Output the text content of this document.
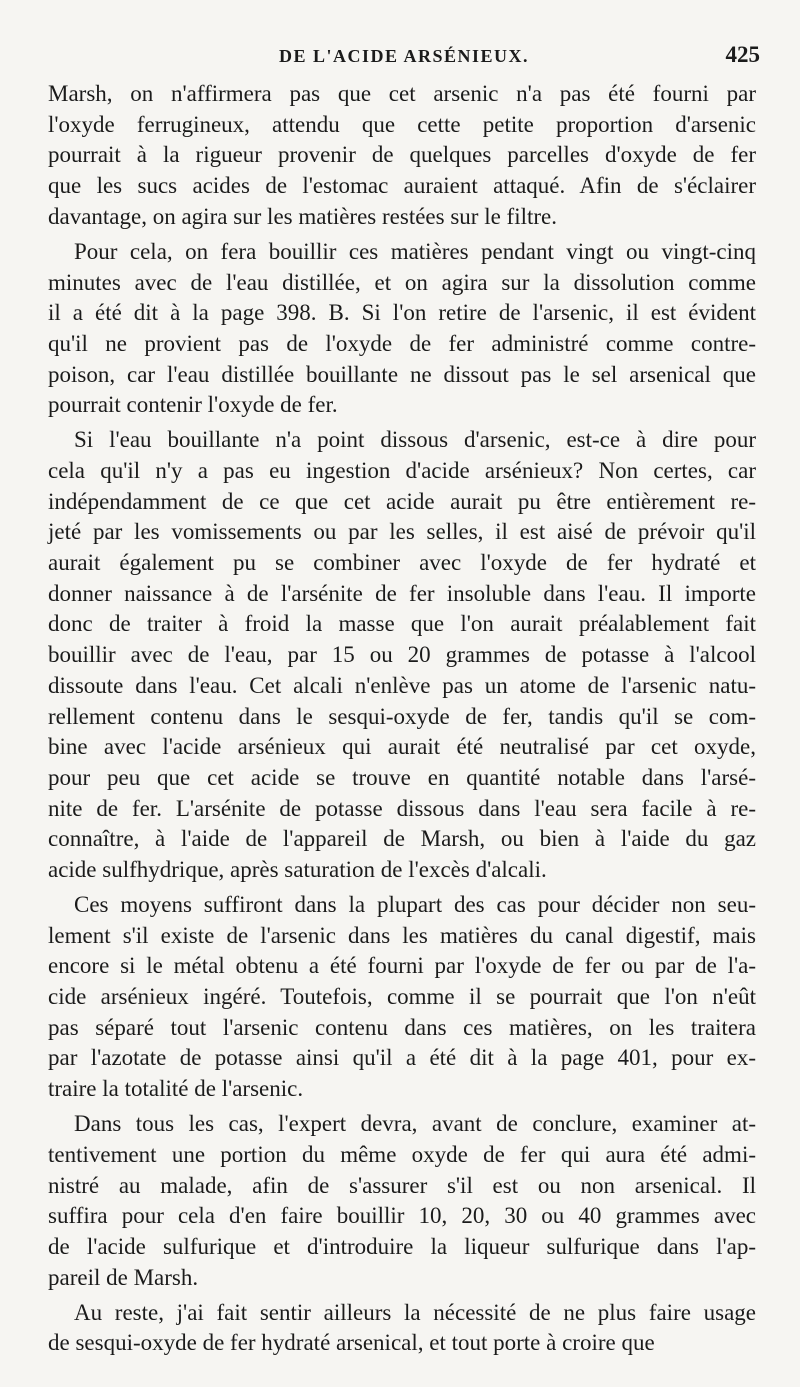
DE L'ACIDE ARSÉNIEUX.	425
Marsh, on n'affirmera pas que cet arsenic n'a pas été fourni par
l'oxyde ferrugineux, attendu que cette petite proportion d'arsenic
pourrait à la rigueur provenir de quelques parcelles d'oxyde de fer
que les sucs acides de l'estomac auraient attaqué. Afin de s'éclairer
davantage, on agira sur les matières restées sur le filtre.
Pour cela, on fera bouillir ces matières pendant vingt ou vingt-cinq
minutes avec de l'eau distillée, et on agira sur la dissolution comme
il a été dit à la page 398. B. Si l'on retire de l'arsenic, il est évident
qu'il ne provient pas de l'oxyde de fer administré comme contre-
poison, car l'eau distillée bouillante ne dissout pas le sel arsenical que
pourrait contenir l'oxyde de fer.
Si l'eau bouillante n'a point dissous d'arsenic, est-ce à dire pour
cela qu'il n'y a pas eu ingestion d'acide arsénieux? Non certes, car
indépendamment de ce que cet acide aurait pu être entièrement re-
jeté par les vomissements ou par les selles, il est aisé de prévoir qu'il
aurait également pu se combiner avec l'oxyde de fer hydraté et
donner naissance à de l'arsénite de fer insoluble dans l'eau. Il importe
donc de traiter à froid la masse que l'on aurait préalablement fait
bouillir avec de l'eau, par 15 ou 20 grammes de potasse à l'alcool
dissoute dans l'eau. Cet alcali n'enlève pas un atome de l'arsenic natu-
rellement contenu dans le sesqui-oxyde de fer, tandis qu'il se com-
bine avec l'acide arsénieux qui aurait été neutralisé par cet oxyde,
pour peu que cet acide se trouve en quantité notable dans l'arsé-
nite de fer. L'arsénite de potasse dissous dans l'eau sera facile à re-
connaître, à l'aide de l'appareil de Marsh, ou bien à l'aide du gaz
acide sulfhydrique, après saturation de l'excès d'alcali.
Ces moyens suffiront dans la plupart des cas pour décider non seu-
lement s'il existe de l'arsenic dans les matières du canal digestif, mais
encore si le métal obtenu a été fourni par l'oxyde de fer ou par de l'a-
cide arsénieux ingéré. Toutefois, comme il se pourrait que l'on n'eût
pas séparé tout l'arsenic contenu dans ces matières, on les traitera
par l'azotate de potasse ainsi qu'il a été dit à la page 401, pour ex-
traire la totalité de l'arsenic.
Dans tous les cas, l'expert devra, avant de conclure, examiner at-
tentivement une portion du même oxyde de fer qui aura été admi-
nistré au malade, afin de s'assurer s'il est ou non arsenical. Il
suffira pour cela d'en faire bouillir 10, 20, 30 ou 40 grammes avec
de l'acide sulfurique et d'introduire la liqueur sulfurique dans l'ap-
pareil de Marsh.
Au reste, j'ai fait sentir ailleurs la nécessité de ne plus faire usage
de sesqui-oxyde de fer hydraté arsenical, et tout porte à croire que
